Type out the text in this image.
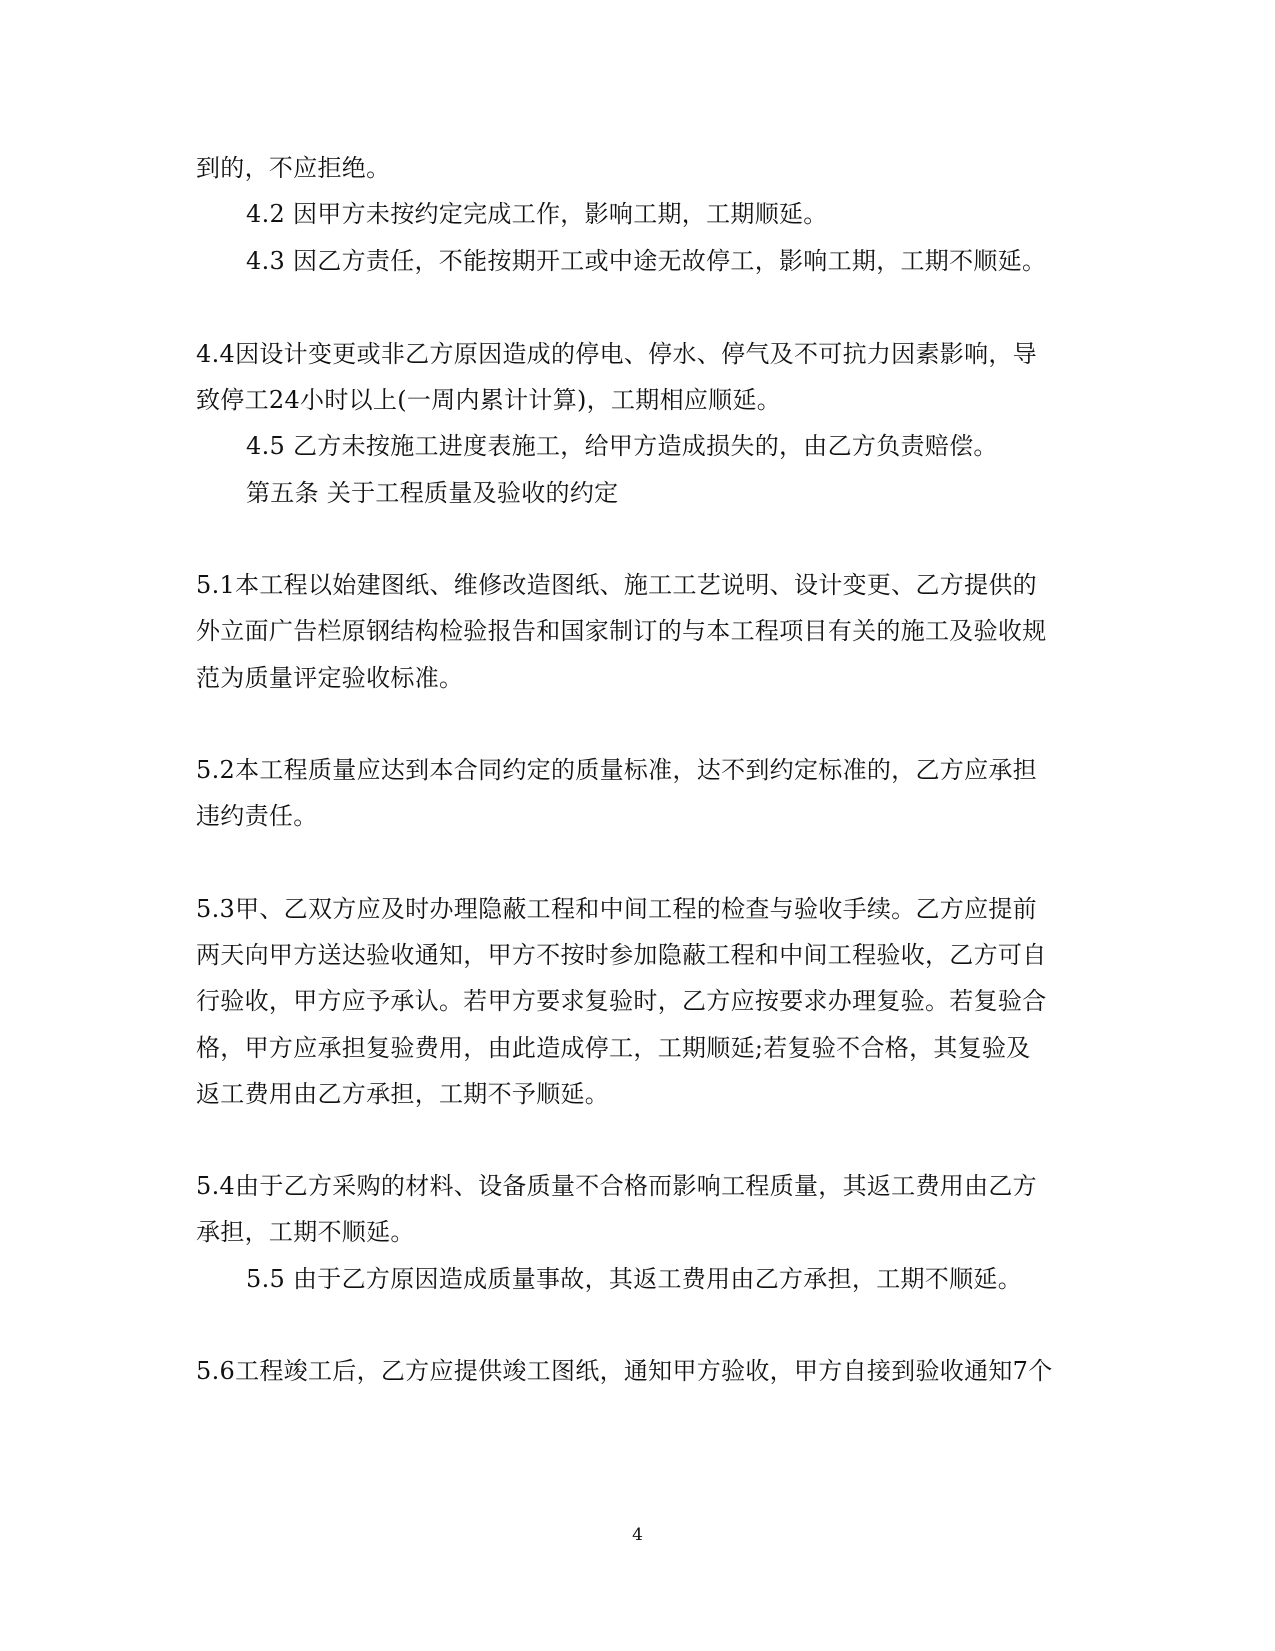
到的，不应拒绝。
4.2 因甲方未按约定完成工作，影响工期，工期顺延。
4.3 因乙方责任，不能按期开工或中途无故停工，影响工期，工期不顺延。
4.4因设计变更或非乙方原因造成的停电、停水、停气及不可抗力因素影响，导
致停工24小时以上(一周内累计计算)，工期相应顺延。
4.5 乙方未按施工进度表施工，给甲方造成损失的，由乙方负责赔偿。
第五条 关于工程质量及验收的约定
5.1本工程以始建图纸、维修改造图纸、施工工艺说明、设计变更、乙方提供的
外立面广告栏原钢结构检验报告和国家制订的与本工程项目有关的施工及验收规
范为质量评定验收标准。
5.2本工程质量应达到本合同约定的质量标准，达不到约定标准的，乙方应承担
违约责任。
5.3甲、乙双方应及时办理隐蔽工程和中间工程的检查与验收手续。乙方应提前
两天向甲方送达验收通知，甲方不按时参加隐蔽工程和中间工程验收，乙方可自
行验收，甲方应予承认。若甲方要求复验时，乙方应按要求办理复验。若复验合
格，甲方应承担复验费用，由此造成停工，工期顺延;若复验不合格，其复验及
返工费用由乙方承担，工期不予顺延。
5.4由于乙方采购的材料、设备质量不合格而影响工程质量，其返工费用由乙方
承担，工期不顺延。
5.5 由于乙方原因造成质量事故，其返工费用由乙方承担，工期不顺延。
5.6工程竣工后，乙方应提供竣工图纸，通知甲方验收，甲方自接到验收通知7个
4
